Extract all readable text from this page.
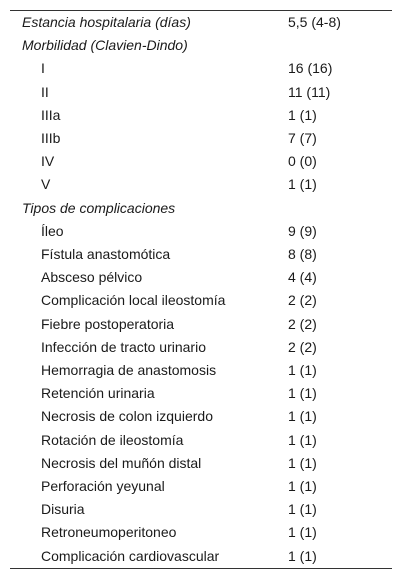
Estancia hospitalaria (días)	5,5 (4-8)
Morbilidad (Clavien-Dindo)	
I	16 (16)
II	11 (11)
IIIa	1 (1)
IIIb	7 (7)
IV	0 (0)
V	1 (1)
Tipos de complicaciones	
Íleo	9 (9)
Fístula anastomótica	8 (8)
Absceso pélvico	4 (4)
Complicación local ileostomía	2 (2)
Fiebre postoperatoria	2 (2)
Infección de tracto urinario	2 (2)
Hemorragia de anastomosis	1 (1)
Retención urinaria	1 (1)
Necrosis de colon izquierdo	1 (1)
Rotación de ileostomía	1 (1)
Necrosis del muñón distal	1 (1)
Perforación yeyunal	1 (1)
Disuria	1 (1)
Retroneumoperitoneo	1 (1)
Complicación cardiovascular	1 (1)
